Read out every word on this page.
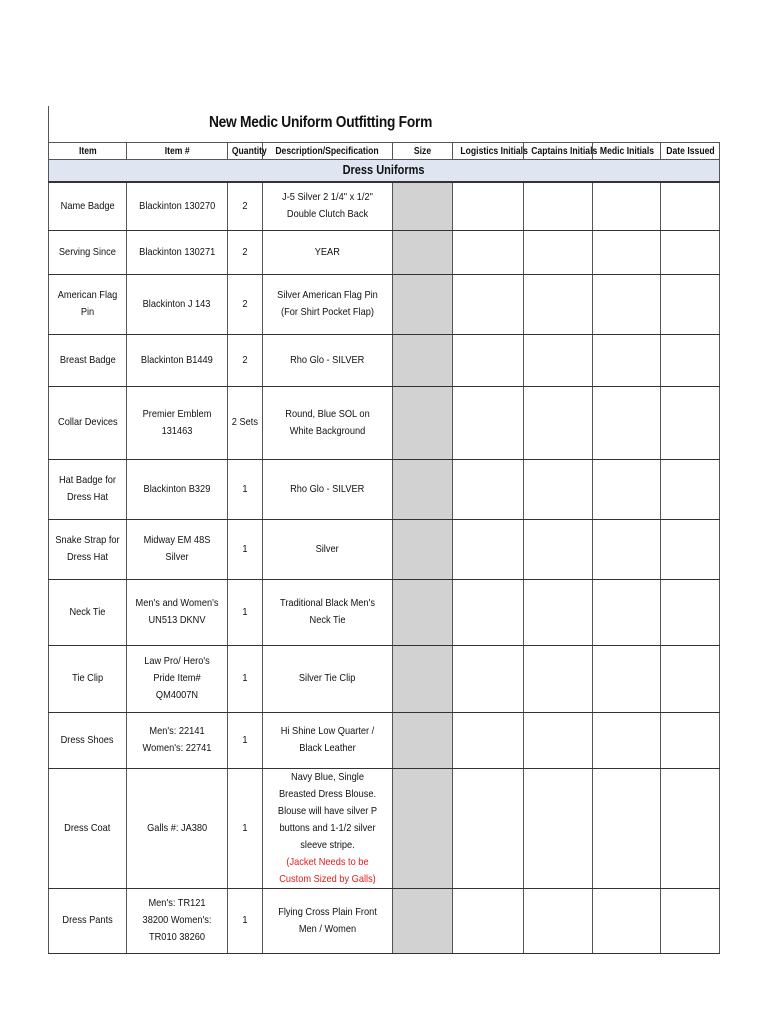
New Medic Uniform Outfitting Form
Item	Item #	Quantity	Description/Specification	Size	Logistics Initials	Captains Initials	Medic Initials	Date Issued
Dress Uniforms								
Name Badge	Blackinton 130270	2	J-5 Silver 2 1/4" x 1/2" Double Clutch Back					
Serving Since	Blackinton 130271	2	YEAR					
American Flag Pin	Blackinton J 143	2	Silver American Flag Pin (For Shirt Pocket Flap)					
Breast Badge	Blackinton B1449	2	Rho Glo - SILVER					
Collar Devices	Premier Emblem 131463	2 Sets	Round, Blue SOL on White Background					
Hat Badge for Dress Hat	Blackinton B329	1	Rho Glo - SILVER					
Snake Strap for Dress Hat	Midway EM 48S Silver	1	Silver					
Neck Tie	Men's and Women's UN513 DKNV	1	Traditional Black Men's Neck Tie					
Tie Clip	Law Pro/ Hero's Pride Item# QM4007N	1	Silver Tie Clip					
Dress Shoes	Men's: 22141 Women's: 22741	1	Hi Shine Low Quarter / Black Leather					
Dress Coat	Galls #: JA380	1	Navy Blue, Single Breasted Dress Blouse. Blouse will have silver P buttons and 1-1/2 silver sleeve stripe. (Jacket Needs to be Custom Sized by Galls)					
Dress Pants	Men's: TR121 38200 Women's: TR010 38260	1	Flying Cross Plain Front Men / Women					
